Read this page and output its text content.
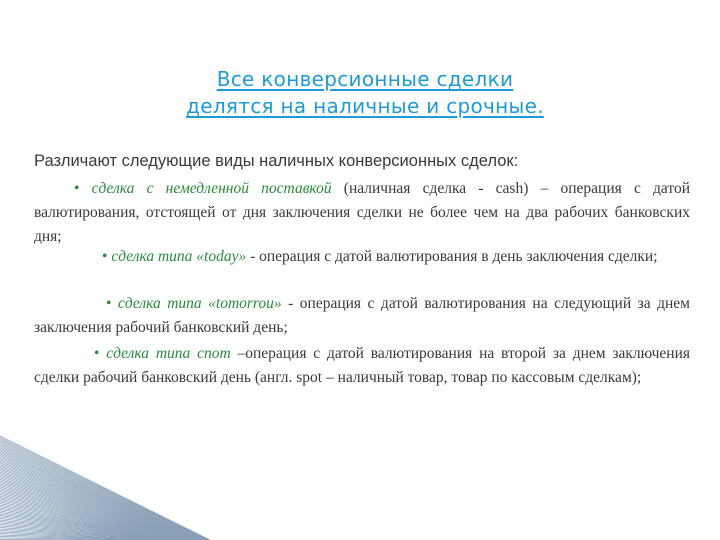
Все конверсионные сделки
делятся на наличные и срочные.
Различают следующие виды наличных конверсионных сделок:
• сделка с немедленной поставкой (наличная сделка - cash) – операция с датой валютирования, отстоящей от дня заключения сделки не более чем на два рабочих банковских дня;
• сделка типа «today» - операция с датой валютирования в день заключения сделки;
• сделка типа «tomorrou» - операция с датой валютирования на следующий за днем заключения рабочий банковский день;
• сделка типа спот –операция с датой валютирования на второй за днем заключения сделки рабочий банковский день (англ. spot – наличный товар, товар по кассовым сделкам);
